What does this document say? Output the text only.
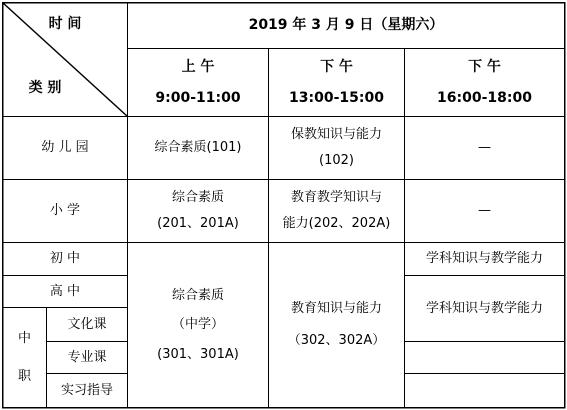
时 间
类 别
2019 年 3 月 9 日（星期六）
上 午
9:00-11:00
下 午
13:00-15:00
下 午
16:00-18:00
幼 儿 园	综合素质(101)
保教知识与能力
(102)
—
小 学
综合素质
(201、201A)
教育教学知识与
能力(202、202A)
—
初 中
高 中
中
职
文化课
专业课
实习指导
综合素质
（中学）
(301、301A)
教育知识与能力
（302、302A）
学科知识与教学能力
学科知识与教学能力
